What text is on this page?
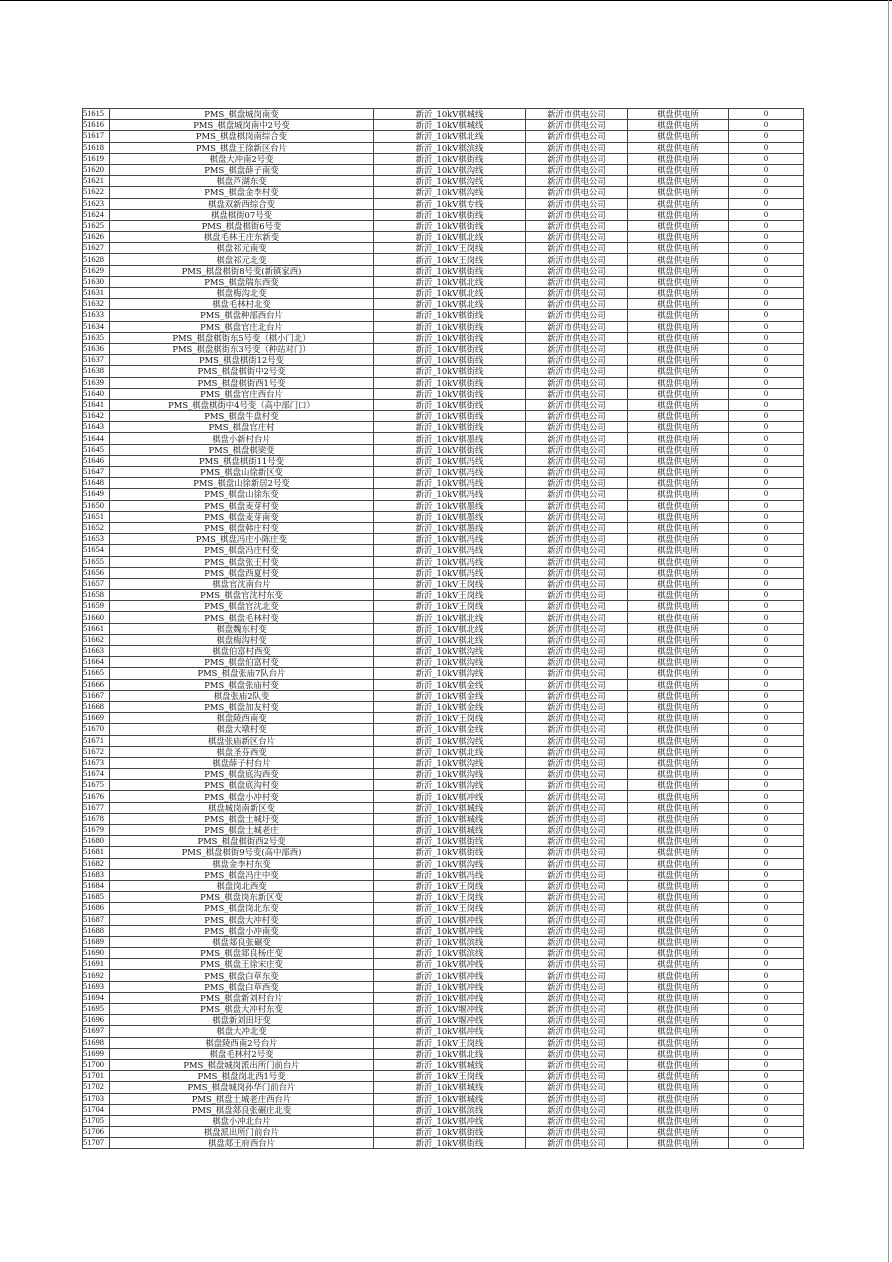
51615	PMS_棋盘城岗南变	新沂_10kV棋城线	新沂市供电公司	棋盘供电所	0
51616	PMS_棋盘城岗南中2号变	新沂_10kV棋城线	新沂市供电公司	棋盘供电所	0
51617	PMS_棋盘棋岗南综合变	新沂_10kV棋北线	新沂市供电公司	棋盘供电所	0
51618	PMS_棋盘王徐新区台片	新沂_10kV棋滨线	新沂市供电公司	棋盘供电所	0
51619	棋盘大冲南2号变	新沂_10kV棋街线	新沂市供电公司	棋盘供电所	0
51620	PMS_棋盘薛子南变	新沂_10kV棋沟线	新沂市供电公司	棋盘供电所	0
51621	棋盘芦湖东变	新沂_10kV棋沟线	新沂市供电公司	棋盘供电所	0
51622	PMS_棋盘金李村变	新沂_10kV棋沟线	新沂市供电公司	棋盘供电所	0
51623	棋盘双新西综合变	新沂_10kV棋专线	新沂市供电公司	棋盘供电所	0
51624	棋盘棋街07号变	新沂_10kV棋街线	新沂市供电公司	棋盘供电所	0
51625	PMS_棋盘棋街6号变	新沂_10kV棋街线	新沂市供电公司	棋盘供电所	0
51626	棋盘毛林王庄东新变	新沂_10kV棋北线	新沂市供电公司	棋盘供电所	0
51627	棋盘祁元南变	新沂_10kV王岗线	新沂市供电公司	棋盘供电所	0
51628	棋盘祁元北变	新沂_10kV王岗线	新沂市供电公司	棋盘供电所	0
51629	PMS_棋盘棋街8号变(新镇家西)	新沂_10kV棋街线	新沂市供电公司	棋盘供电所	0
51630	PMS_棋盘瑞东西变	新沂_10kV棋北线	新沂市供电公司	棋盘供电所	0
51631	棋盘梅沟北变	新沂_10kV棋北线	新沂市供电公司	棋盘供电所	0
51632	棋盘毛林村北变	新沂_10kV棋北线	新沂市供电公司	棋盘供电所	0
51633	PMS_棋盘种部西台片	新沂_10kV棋街线	新沂市供电公司	棋盘供电所	0
51634	PMS_棋盘官庄北台片	新沂_10kV棋街线	新沂市供电公司	棋盘供电所	0
51635	PMS_棋盘棋街东5号变（棋小门北）	新沂_10kV棋街线	新沂市供电公司	棋盘供电所	0
51636	PMS_棋盘棋街东3号变（种站对门）	新沂_10kV棋街线	新沂市供电公司	棋盘供电所	0
51637	PMS_棋盘棋街12号变	新沂_10kV棋街线	新沂市供电公司	棋盘供电所	0
51638	PMS_棋盘棋街中2号变	新沂_10kV棋街线	新沂市供电公司	棋盘供电所	0
51639	PMS_棋盘棋街西1号变	新沂_10kV棋街线	新沂市供电公司	棋盘供电所	0
51640	PMS_棋盘官庄西台片	新沂_10kV棋街线	新沂市供电公司	棋盘供电所	0
51641	PMS_棋盘棋街中4号变（高中部门口）	新沂_10kV棋街线	新沂市供电公司	棋盘供电所	0
51642	PMS_棋盘牛盘村变	新沂_10kV棋街线	新沂市供电公司	棋盘供电所	0
51643	PMS_棋盘官庄村	新沂_10kV棋街线	新沂市供电公司	棋盘供电所	0
51644	棋盘小新村台片	新沂_10kV棋墨线	新沂市供电公司	棋盘供电所	0
51645	PMS_棋盘棋梁变	新沂_10kV棋街线	新沂市供电公司	棋盘供电所	0
51646	PMS_棋盘棋街11号变	新沂_10kV棋冯线	新沂市供电公司	棋盘供电所	0
51647	PMS_棋盘山徐新区变	新沂_10kV棋冯线	新沂市供电公司	棋盘供电所	0
51648	PMS_棋盘山徐新居2号变	新沂_10kV棋冯线	新沂市供电公司	棋盘供电所	0
51649	PMS_棋盘山徐东变	新沂_10kV棋冯线	新沂市供电公司	棋盘供电所	0
51650	PMS_棋盘麦芽村变	新沂_10kV棋墨线	新沂市供电公司	棋盘供电所	0
51651	PMS_棋盘麦芽南变	新沂_10kV棋墨线	新沂市供电公司	棋盘供电所	0
51652	PMS_棋盘韩庄村变	新沂_10kV棋墨线	新沂市供电公司	棋盘供电所	0
51653	PMS_棋盘冯庄小陈庄变	新沂_10kV棋冯线	新沂市供电公司	棋盘供电所	0
51654	PMS_棋盘冯庄村变	新沂_10kV棋冯线	新沂市供电公司	棋盘供电所	0
51655	PMS_棋盘张王村变	新沂_10kV棋冯线	新沂市供电公司	棋盘供电所	0
51656	PMS_棋盘西夏村变	新沂_10kV棋冯线	新沂市供电公司	棋盘供电所	0
51657	棋盘官沈南台片	新沂_10kV王岗线	新沂市供电公司	棋盘供电所	0
51658	PMS_棋盘官沈村东变	新沂_10kV王岗线	新沂市供电公司	棋盘供电所	0
51659	PMS_棋盘官沈北变	新沂_10kV王岗线	新沂市供电公司	棋盘供电所	0
51660	PMS_棋盘毛林村变	新沂_10kV棋北线	新沂市供电公司	棋盘供电所	0
51661	棋盘魏东村变	新沂_10kV棋北线	新沂市供电公司	棋盘供电所	0
51662	棋盘梅沟村变	新沂_10kV棋北线	新沂市供电公司	棋盘供电所	0
51663	棋盘伯富村西变	新沂_10kV棋沟线	新沂市供电公司	棋盘供电所	0
51664	PMS_棋盘伯富村变	新沂_10kV棋沟线	新沂市供电公司	棋盘供电所	0
51665	PMS_棋盘张庙7队台片	新沂_10kV棋沟线	新沂市供电公司	棋盘供电所	0
51666	PMS_棋盘张庙村变	新沂_10kV棋金线	新沂市供电公司	棋盘供电所	0
51667	棋盘张庙2队变	新沂_10kV棋金线	新沂市供电公司	棋盘供电所	0
51668	PMS_棋盘加友村变	新沂_10kV棋金线	新沂市供电公司	棋盘供电所	0
51669	棋盘陵西南变	新沂_10kV王岗线	新沂市供电公司	棋盘供电所	0
51670	棋盘大墩村变	新沂_10kV棋金线	新沂市供电公司	棋盘供电所	0
51671	棋盘张庙新区台片	新沂_10kV棋沟线	新沂市供电公司	棋盘供电所	0
51672	棋盘圣芬西变	新沂_10kV棋北线	新沂市供电公司	棋盘供电所	0
51673	棋盘薛子村台片	新沂_10kV棋沟线	新沂市供电公司	棋盘供电所	0
51674	PMS_棋盘底沟西变	新沂_10kV棋沟线	新沂市供电公司	棋盘供电所	0
51675	PMS_棋盘底沟村变	新沂_10kV棋沟线	新沂市供电公司	棋盘供电所	0
51676	PMS_棋盘小冲村变	新沂_10kV棋冲线	新沂市供电公司	棋盘供电所	0
51677	棋盘城岗南新区变	新沂_10kV棋城线	新沂市供电公司	棋盘供电所	0
51678	PMS_棋盘土城圩变	新沂_10kV棋城线	新沂市供电公司	棋盘供电所	0
51679	PMS_棋盘土城老庄	新沂_10kV棋城线	新沂市供电公司	棋盘供电所	0
51680	PMS_棋盘棋街西2号变	新沂_10kV棋街线	新沂市供电公司	棋盘供电所	0
51681	PMS_棋盘棋街9号变(高中部西)	新沂_10kV棋街线	新沂市供电公司	棋盘供电所	0
51682	棋盘金李村东变	新沂_10kV棋沟线	新沂市供电公司	棋盘供电所	0
51683	PMS_棋盘冯庄中变	新沂_10kV棋冯线	新沂市供电公司	棋盘供电所	0
51684	棋盘岗北西变	新沂_10kV王岗线	新沂市供电公司	棋盘供电所	0
51685	PMS_棋盘岗东新区变	新沂_10kV王岗线	新沂市供电公司	棋盘供电所	0
51686	PMS_棋盘岗北东变	新沂_10kV王岗线	新沂市供电公司	棋盘供电所	0
51687	PMS_棋盘大冲村变	新沂_10kV棋冲线	新沂市供电公司	棋盘供电所	0
51688	PMS_棋盘小冲南变	新沂_10kV棋冲线	新沂市供电公司	棋盘供电所	0
51689	棋盘郯良张碾变	新沂_10kV棋滨线	新沂市供电公司	棋盘供电所	0
51690	PMS_棋盘郯良杨庄变	新沂_10kV棋滨线	新沂市供电公司	棋盘供电所	0
51691	PMS_棋盘王徐宋庄变	新沂_10kV棋冲线	新沂市供电公司	棋盘供电所	0
51692	PMS_棋盘白草东变	新沂_10kV棋冲线	新沂市供电公司	棋盘供电所	0
51693	PMS_棋盘白草西变	新沂_10kV棋冲线	新沂市供电公司	棋盘供电所	0
51694	PMS_棋盘新刘村台片	新沂_10kV棋冲线	新沂市供电公司	棋盘供电所	0
51695	PMS_棋盘大冲村东变	新沂_10kV堰冲线	新沂市供电公司	棋盘供电所	0
51696	棋盘新刘田圩变	新沂_10kV堰冲线	新沂市供电公司	棋盘供电所	0
51697	棋盘大冲北变	新沂_10kV棋冲线	新沂市供电公司	棋盘供电所	0
51698	棋盘陵西南2号台片	新沂_10kV王岗线	新沂市供电公司	棋盘供电所	0
51699	棋盘毛林村2号变	新沂_10kV棋北线	新沂市供电公司	棋盘供电所	0
51700	PMS_棋盘城岗派出所门前台片	新沂_10kV棋城线	新沂市供电公司	棋盘供电所	0
51701	PMS_棋盘岗北西1号变	新沂_10kV王岗线	新沂市供电公司	棋盘供电所	0
51702	PMS_棋盘城岗孙华门前台片	新沂_10kV棋城线	新沂市供电公司	棋盘供电所	0
51703	PMS_棋盘土城老庄西台片	新沂_10kV棋城线	新沂市供电公司	棋盘供电所	0
51704	PMS_棋盘郯良张碾庄北变	新沂_10kV棋滨线	新沂市供电公司	棋盘供电所	0
51705	棋盘小冲北台片	新沂_10kV棋冲线	新沂市供电公司	棋盘供电所	0
51706	棋盘派出所门前台片	新沂_10kV棋街线	新沂市供电公司	棋盘供电所	0
51707	棋盘郯王府西台片	新沂_10kV棋街线	新沂市供电公司	棋盘供电所	0
